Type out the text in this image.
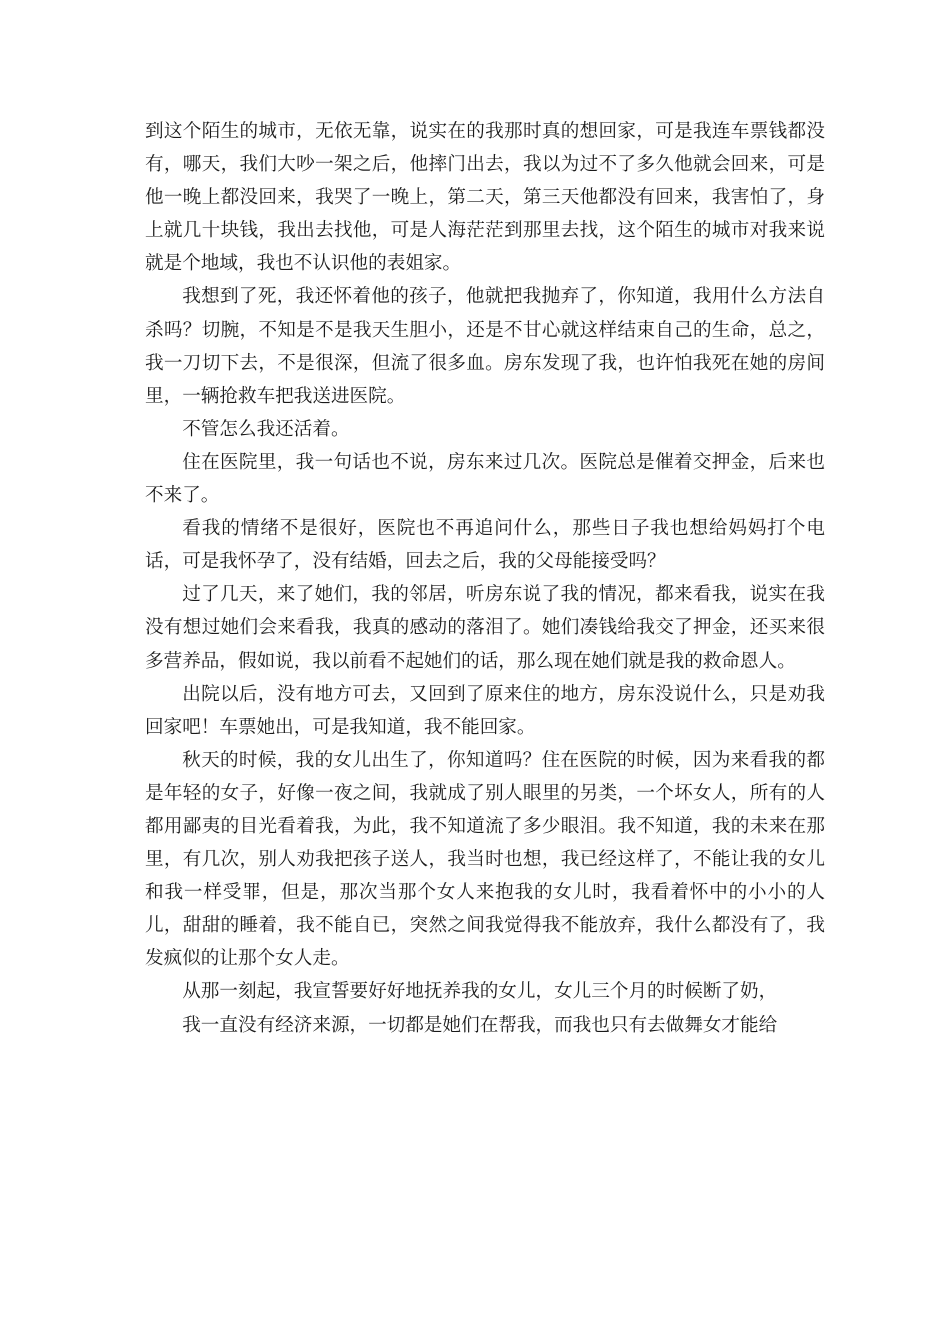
到这个陌生的城市，无依无靠，说实在的我那时真的想回家，可是我连车票钱都没有，哪天，我们大吵一架之后，他摔门出去，我以为过不了多久他就会回来，可是他一晚上都没回来，我哭了一晚上，第二天，第三天他都没有回来，我害怕了，身上就几十块钱，我出去找他，可是人海茫茫到那里去找，这个陌生的城市对我来说就是个地域，我也不认识他的表姐家。

我想到了死，我还怀着他的孩子，他就把我抛弃了，你知道，我用什么方法自杀吗？切腕，不知是不是我天生胆小，还是不甘心就这样结束自己的生命，总之，我一刀切下去，不是很深，但流了很多血。房东发现了我，也许怕我死在她的房间里，一辆抢救车把我送进医院。

不管怎么我还活着。

住在医院里，我一句话也不说，房东来过几次。医院总是催着交押金，后来也不来了。

看我的情绪不是很好，医院也不再追问什么，那些日子我也想给妈妈打个电话，可是我怀孕了，没有结婚，回去之后，我的父母能接受吗？

过了几天，来了她们，我的邻居，听房东说了我的情况，都来看我，说实在我没有想过她们会来看我，我真的感动的落泪了。她们凑钱给我交了押金，还买来很多营养品，假如说，我以前看不起她们的话，那么现在她们就是我的救命恩人。

出院以后，没有地方可去，又回到了原来住的地方，房东没说什么，只是劝我回家吧！车票她出，可是我知道，我不能回家。

秋天的时候，我的女儿出生了，你知道吗？住在医院的时候，因为来看我的都是年轻的女子，好像一夜之间，我就成了别人眼里的另类，一个坏女人，所有的人都用鄙夷的目光看着我，为此，我不知道流了多少眼泪。我不知道，我的未来在那里，有几次，别人劝我把孩子送人，我当时也想，我已经这样了，不能让我的女儿和我一样受罪，但是，那次当那个女人来抱我的女儿时，我看着怀中的小小的人儿，甜甜的睡着，我不能自已，突然之间我觉得我不能放弃，我什么都没有了，我发疯似的让那个女人走。

从那一刻起，我宣誓要好好地抚养我的女儿，女儿三个月的时候断了奶，

我一直没有经济来源，一切都是她们在帮我，而我也只有去做舞女才能给
